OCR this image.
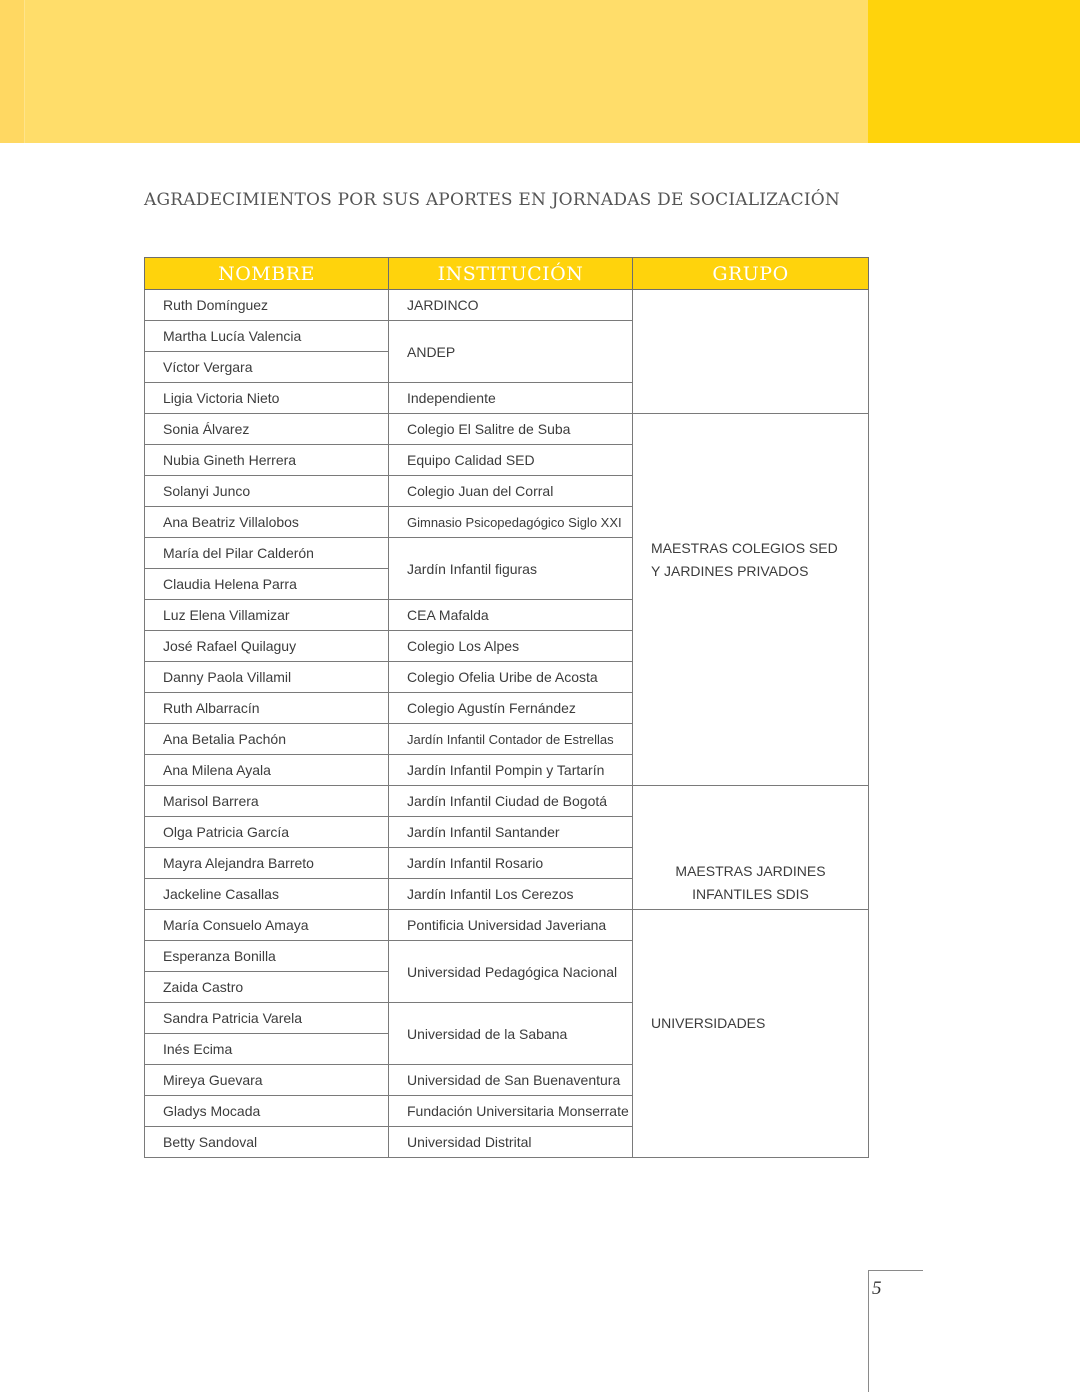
AGRADECIMIENTOS POR SUS APORTES EN JORNADAS DE SOCIALIZACIÓN
NOMBRE	INSTITUCIÓN	GRUPO
Ruth Domínguez	JARDINCO	
Martha Lucía Valencia	ANDEP	
Víctor Vergara		
Ligia Victoria Nieto	Independiente	
Sonia Álvarez	Colegio El Salitre de Suba	MAESTRAS COLEGIOS SED Y JARDINES PRIVADOS
Nubia Gineth Herrera	Equipo Calidad SED	
Solanyi Junco	Colegio Juan del Corral	
Ana Beatriz Villalobos	Gimnasio Psicopedagógico Siglo XXI	
María del Pilar Calderón	Jardín Infantil figuras	
Claudia Helena Parra		
Luz Elena Villamizar	CEA Mafalda	
José Rafael Quilaguy	Colegio Los Alpes	
Danny Paola Villamil	Colegio Ofelia Uribe de Acosta	
Ruth Albarracín	Colegio Agustín Fernández	
Ana Betalia Pachón	Jardín Infantil Contador de Estrellas	
Ana Milena Ayala	Jardín Infantil Pompin y Tartarín	
Marisol Barrera	Jardín Infantil Ciudad de Bogotá	MAESTRAS JARDINES INFANTILES SDIS
Olga Patricia García	Jardín Infantil Santander	
Mayra Alejandra Barreto	Jardín Infantil Rosario	
Jackeline Casallas	Jardín Infantil Los Cerezos	
María Consuelo Amaya	Pontificia Universidad Javeriana	UNIVERSIDADES
Esperanza Bonilla	Universidad Pedagógica Nacional	
Zaida Castro		
Sandra Patricia Varela	Universidad de la Sabana	
Inés Ecima		
Mireya Guevara	Universidad de San Buenaventura	
Gladys Mocada	Fundación Universitaria Monserrate	
Betty Sandoval	Universidad Distrital	
5
